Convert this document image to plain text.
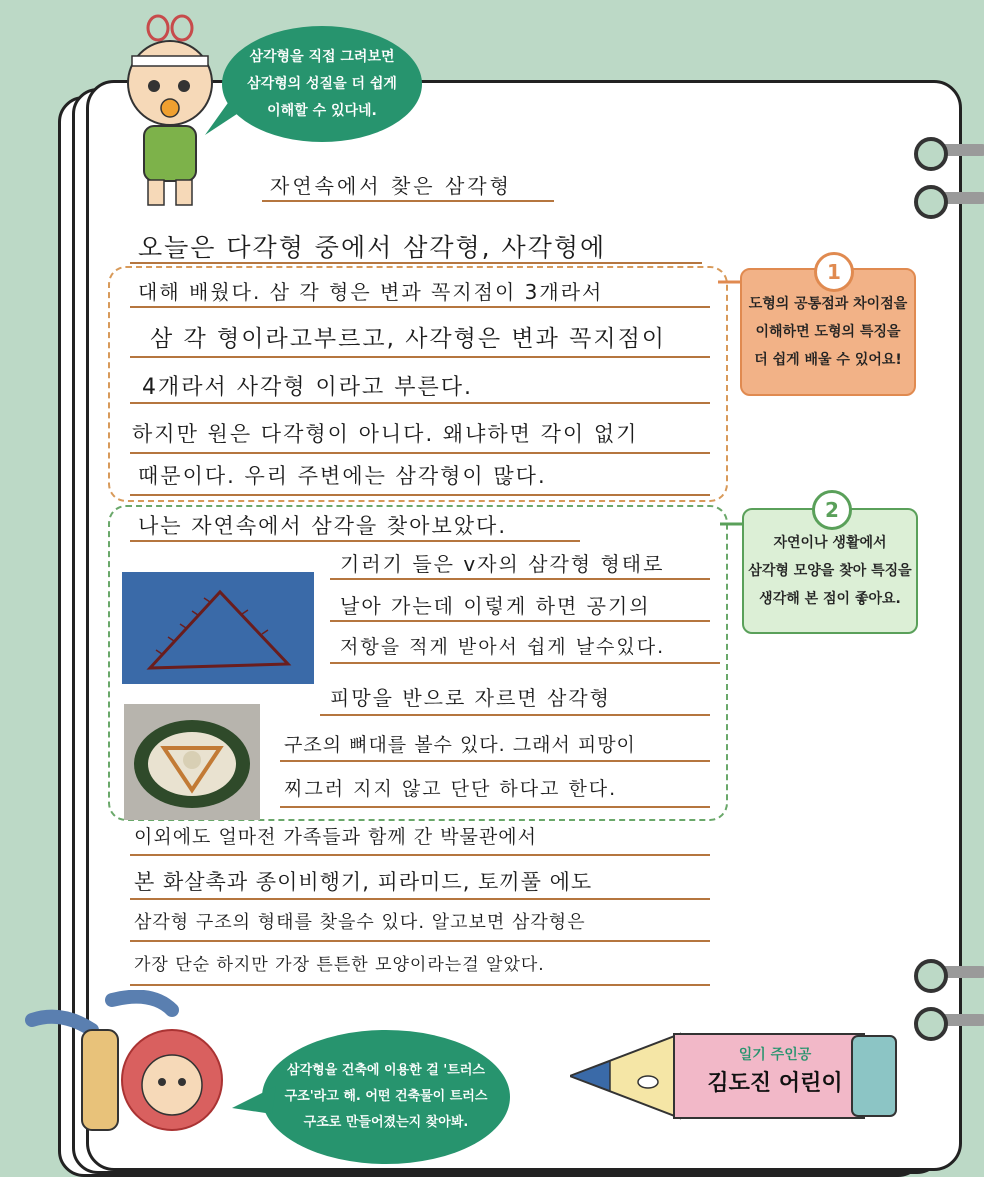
삼각형을 직접 그려보면
삼각형의 성질을 더 쉽게
이해할 수 있다네.
자연속에서 찾은 삼각형
오늘은 다각형 중에서 삼각형, 사각형에
대해 배웠다. 삼 각 형은 변과 꼭지점이 3개라서
삼 각 형이라고부르고, 사각형은 변과 꼭지점이
4개라서 사각형 이라고 부른다.
하지만 원은 다각형이 아니다. 왜냐하면 각이 없기
때문이다. 우리 주변에는 삼각형이 많다.
나는 자연속에서 삼각을 찾아보았다.
기러기 들은 v자의 삼각형 형태로
날아 가는데 이렇게 하면 공기의
저항을 적게 받아서 쉽게 날수있다.
피망을 반으로 자르면 삼각형
구조의 뼈대를 볼수 있다. 그래서 피망이
찌그러 지지 않고 단단 하다고 한다.
이외에도 얼마전 가족들과 함께 간 박물관에서
본 화살촉과 종이비행기, 피라미드, 토끼풀 에도
삼각형 구조의 형태를 찾을수 있다. 알고보면 삼각형은
가장 단순 하지만 가장 튼튼한 모양이라는걸 알았다.
도형의 공통점과 차이점을
이해하면 도형의 특징을
더 쉽게 배울 수 있어요!
1
자연이나 생활에서
삼각형 모양을 찾아 특징을
생각해 본 점이 좋아요.
2
삼각형을 건축에 이용한 걸 '트러스
구조'라고 해. 어떤 건축물이 트러스
구조로 만들어졌는지 찾아봐.
일기 주인공
김도진 어린이
